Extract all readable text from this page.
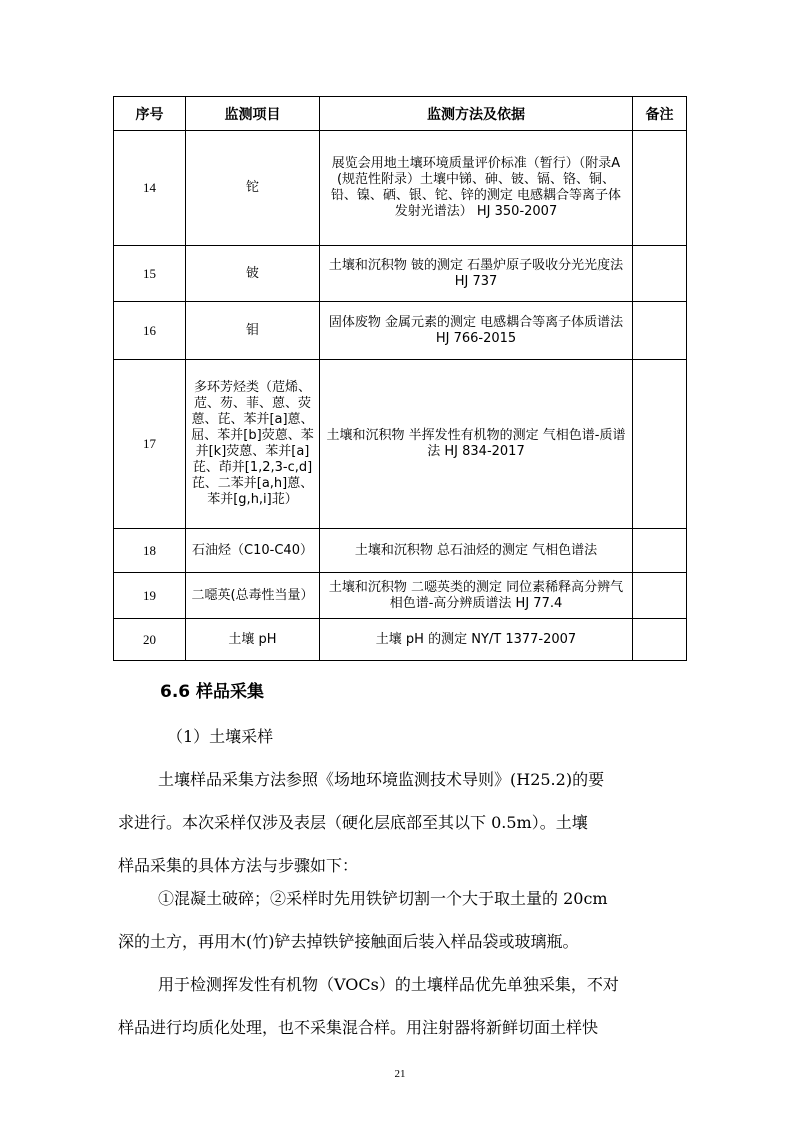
序号	监测项目	监测方法及依据	备注
14	铊	展览会用地土壤环境质量评价标准（暂行）（附录A (规范性附录）土壤中锑、砷、铍、镉、铬、铜、铅、镍、硒、银、铊、锌的测定 电感耦合等离子体发射光谱法） HJ 350-2007	
15	铍	土壤和沉积物 铍的测定 石墨炉原子吸收分光光度法 HJ 737	
16	钼	固体废物 金属元素的测定 电感耦合等离子体质谱法 HJ 766-2015	
17	多环芳烃类（苊烯、苊、芴、菲、蒽、荧蒽、芘、苯并[a]蒽、屈、苯并[b]荧蒽、苯并[k]荧蒽、苯并[a]芘、茚并[1,2,3-c,d]芘、二苯并[a,h]蒽、苯并[g,h,i]苝）	土壤和沉积物 半挥发性有机物的测定 气相色谱-质谱法 HJ 834-2017	
18	石油烃（C10-C40）	土壤和沉积物 总石油烃的测定 气相色谱法	
19	二噁英(总毒性当量）	土壤和沉积物 二噁英类的测定 同位素稀释高分辨气相色谱-高分辨质谱法 HJ 77.4	
20	土壤 pH	土壤 pH 的测定 NY/T 1377-2007	
6.6 样品采集
（1）土壤采样
土壤样品采集方法参照《场地环境监测技术导则》(H25.2)的要
求进行。本次采样仅涉及表层（硬化层底部至其以下 0.5m）。土壤
样品采集的具体方法与步骤如下：
①混凝土破碎；②采样时先用铁铲切割一个大于取土量的 20cm
深的土方，再用木(竹)铲去掉铁铲接触面后装入样品袋或玻璃瓶。
用于检测挥发性有机物（VOCs）的土壤样品优先单独采集，不对
样品进行均质化处理，也不采集混合样。用注射器将新鲜切面土样快
21
